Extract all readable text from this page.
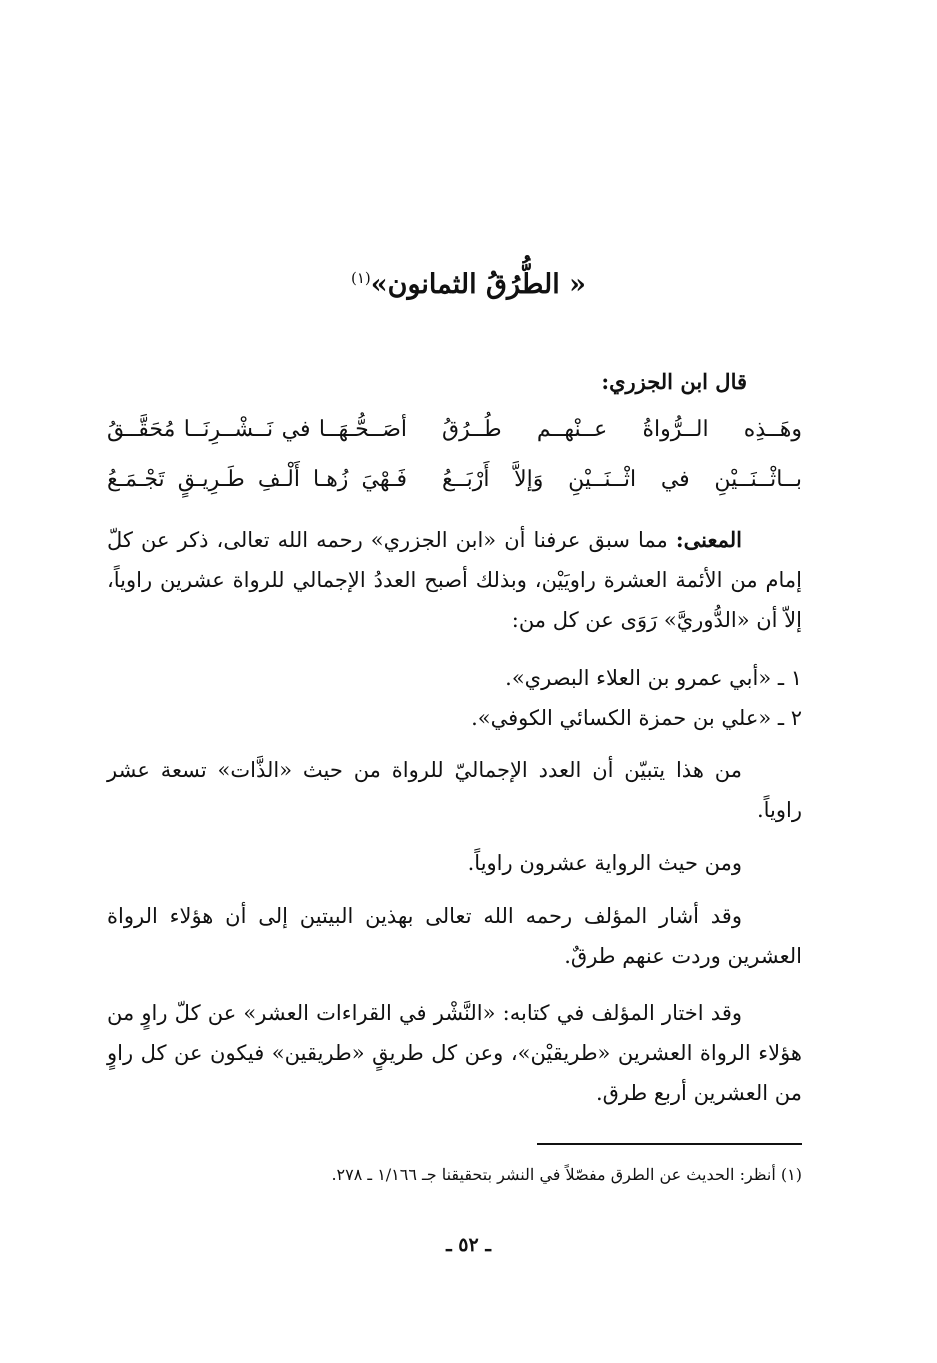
« الطُّرُقُ الثمانون»$^{(١)}$
قال ابن الجزري:
وهَــذِه الــرُّواةُ عــنْهــم طُــرُقُ
أصَــحُّـهَــا في نَــشْــرِنَــا مُحَقَّــقُ
بــاثْــنَــيْنِ في اثْــنَــيْنِ وَإلاَّ أَرْبَــعُ
فَـهْيَ زُهـا أَلْـفِ طَـرِيـقٍ تَجْـمَـعُ
المعنى: مما سبق عرفنا أن «ابن الجزري» رحمه الله تعالى، ذكر عن كلّ إمام من الأئمة العشرة راويَيْن، وبذلك أصبح العددُ الإجمالي للرواة عشرين راوياً، إلاّ أن «الدُّوريَّ» رَوَى عن كل من:
١ ـ «أبي عمرو بن العلاء البصري».
٢ ـ «علي بن حمزة الكسائي الكوفي».
من هذا يتبيّن أن العدد الإجماليّ للرواة من حيث «الذَّات» تسعة عشر راوياً.
ومن حيث الرواية عشرون راوياً.
وقد أشار المؤلف رحمه الله تعالى بهذين البيتين إلى أن هؤلاء الرواة العشرين وردت عنهم طرقٌ.
وقد اختار المؤلف في كتابه: «النَّشْر في القراءات العشر» عن كلّ راوٍ من هؤلاء الرواة العشرين «طريقيْن»، وعن كل طريقٍ «طريقين» فيكون عن كل راوٍ من العشرين أربع طرق.
(١) أنظر: الحديث عن الطرق مفصّلاً في النشر بتحقيقنا جـ ١/١٦٦ ـ ٢٧٨.
ـ ٥٢ ـ
